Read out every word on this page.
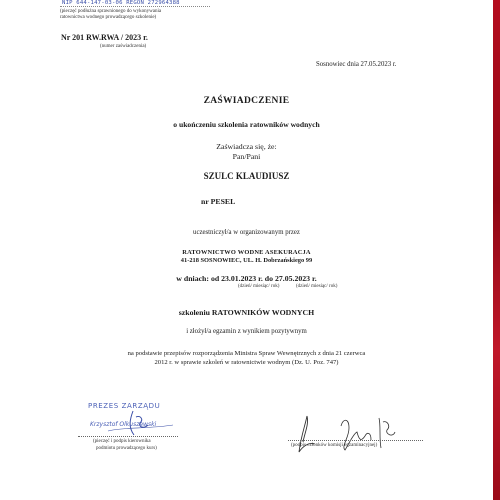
NIP 644-147-03-06 REGON 272964388
(pieczęć podłużna sprawnionego do wykonywania
ratownictwa wodnego prowadzącego szkolenie)
Nr 201 RW.RWA / 2023 r.
(numer zaświadczenia)
Sosnowiec dnia 27.05.2023 r.
ZAŚWIADCZENIE
o ukończeniu szkolenia ratowników wodnych
Zaświadcza się, że:
Pan/Pani
SZULC KLAUDIUSZ
nr PESEL
uczestniczył/a w organizowanym przez
RATOWNICTWO WODNE ASEKURACJA
41-218 SOSNOWIEC, UL. H. Dobrzańskiego 99
w dniach: od 23.01.2023 r. do 27.05.2023 r.
(dzień/ miesiąc/ rok)	(dzień/ miesiąc/ rok)
szkoleniu RATOWNIKÓW WODNYCH
i złożył/a egzamin z wynikiem pozytywnym
na podstawie przepisów rozporządzenia Ministra Spraw Wewnętrznych z dnia 21 czerwca
2012 r. w sprawie szkoleń w ratownictwie wodnym (Dz. U. Poz. 747)
PREZES ZARZĄDU
Krzysztof Olkuszewski
(pieczęć i podpis kierownika
podmiotu prowadzącego kurs)
(podpis członków komisji egzaminacyjnej)
